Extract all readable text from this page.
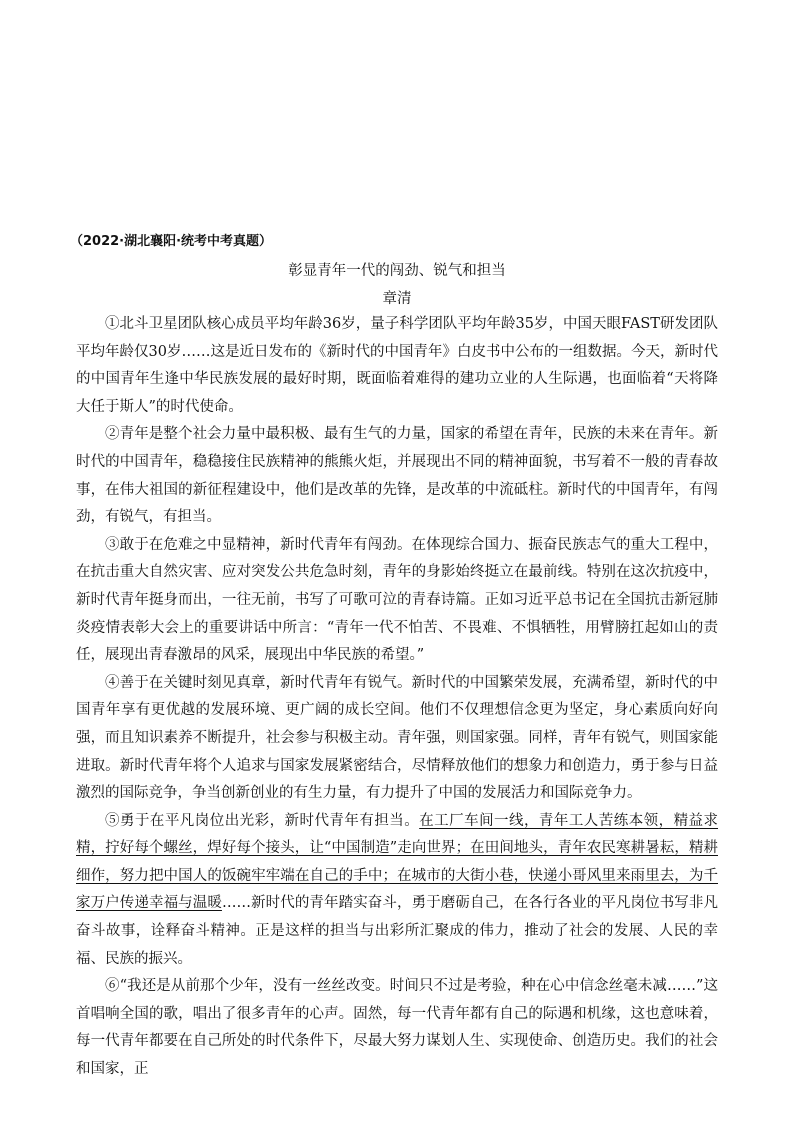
（2022·湖北襄阳·统考中考真题）
彰显青年一代的闯劲、锐气和担当
章清

①北斗卫星团队核心成员平均年龄36岁，量子科学团队平均年龄35岁，中国天眼FAST研发团队平均年龄仅30岁……这是近日发布的《新时代的中国青年》白皮书中公布的一组数据。今天，新时代的中国青年生逢中华民族发展的最好时期，既面临着难得的建功立业的人生际遇，也面临着“天将降大任于斯人”的时代使命。

②青年是整个社会力量中最积极、最有生气的力量，国家的希望在青年，民族的未来在青年。新时代的中国青年，稳稳接住民族精神的熊熊火炬，并展现出不同的精神面貌，书写着不一般的青春故事，在伟大祖国的新征程建设中，他们是改革的先锋，是改革的中流砥柱。新时代的中国青年，有闯劲，有锐气，有担当。

③敢于在危难之中显精神，新时代青年有闯劲。在体现综合国力、振奋民族志气的重大工程中，在抗击重大自然灾害、应对突发公共危急时刻，青年的身影始终挺立在最前线。特别在这次抗疫中，新时代青年挺身而出，一往无前，书写了可歌可泣的青春诗篇。正如习近平总书记在全国抗击新冠肺炎疫情表彰大会上的重要讲话中所言：“青年一代不怕苦、不畏难、不惧牺牲，用臂膀扛起如山的责任，展现出青春激昂的风采，展现出中华民族的希望。”

④善于在关键时刻见真章，新时代青年有锐气。新时代的中国繁荣发展，充满希望，新时代的中国青年享有更优越的发展环境、更广阔的成长空间。他们不仅理想信念更为坚定，身心素质向好向强，而且知识素养不断提升，社会参与积极主动。青年强，则国家强。同样，青年有锐气，则国家能进取。新时代青年将个人追求与国家发展紧密结合，尽情释放他们的想象力和创造力，勇于参与日益激烈的国际竞争，争当创新创业的有生力量，有力提升了中国的发展活力和国际竞争力。

⑤勇于在平凡岗位出光彩，新时代青年有担当。在工厂车间一线，青年工人苦练本领，精益求精，拧好每个螺丝，焊好每个接头，让“中国制造”走向世界；在田间地头，青年农民寒耕暑耘，精耕细作，努力把中国人的饭碗牢牢端在自己的手中；在城市的大街小巷，快递小哥风里来雨里去，为千家万户传递幸福与温暖……新时代的青年踏实奋斗，勇于磨砺自己，在各行各业的平凡岗位书写非凡奋斗故事，诠释奋斗精神。正是这样的担当与出彩所汇聚成的伟力，推动了社会的发展、人民的幸福、民族的振兴。

⑥“我还是从前那个少年，没有一丝丝改变。时间只不过是考验，种在心中信念丝毫未减……”这首唱响全国的歌，唱出了很多青年的心声。固然，每一代青年都有自己的际遇和机缘，这也意味着，每一代青年都要在自己所处的时代条件下，尽最大努力谋划人生、实现使命、创造历史。我们的社会和国家，正
